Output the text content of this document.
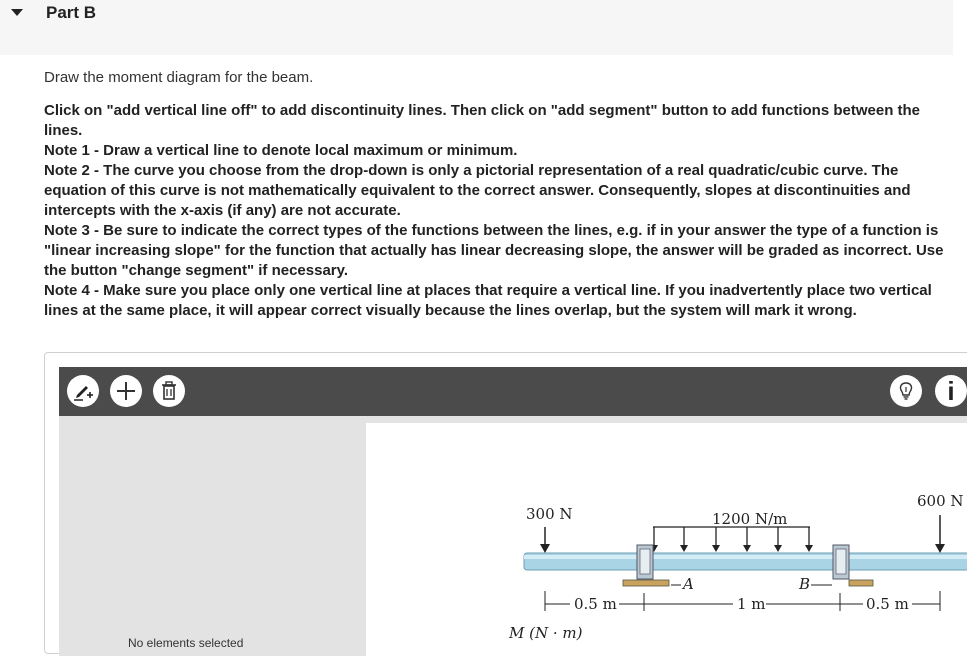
Part B
Draw the moment diagram for the beam.

Click on "add vertical line off" to add discontinuity lines. Then click on "add segment" button to add functions between the lines.

Note 1 - Draw a vertical line to denote local maximum or minimum.

Note 2 - The curve you choose from the drop-down is only a pictorial representation of a real quadratic/cubic curve. The equation of this curve is not mathematically equivalent to the correct answer. Consequently, slopes at discontinuities and intercepts with the x-axis (if any) are not accurate.

Note 3 - Be sure to indicate the correct types of the functions between the lines, e.g. if in your answer the type of a function is "linear increasing slope" for the function that actually has linear decreasing slope, the answer will be graded as incorrect. Use the button "change segment" if necessary.

Note 4 - Make sure you place only one vertical line at places that require a vertical line. If you inadvertently place two vertical lines at the same place, it will appear correct visually because the lines overlap, but the system will mark it wrong.

i
300 N
600 N
1200 N/m
A	B
0.5 m	1 m	0.5 m
M (N · m)
No elements selected
